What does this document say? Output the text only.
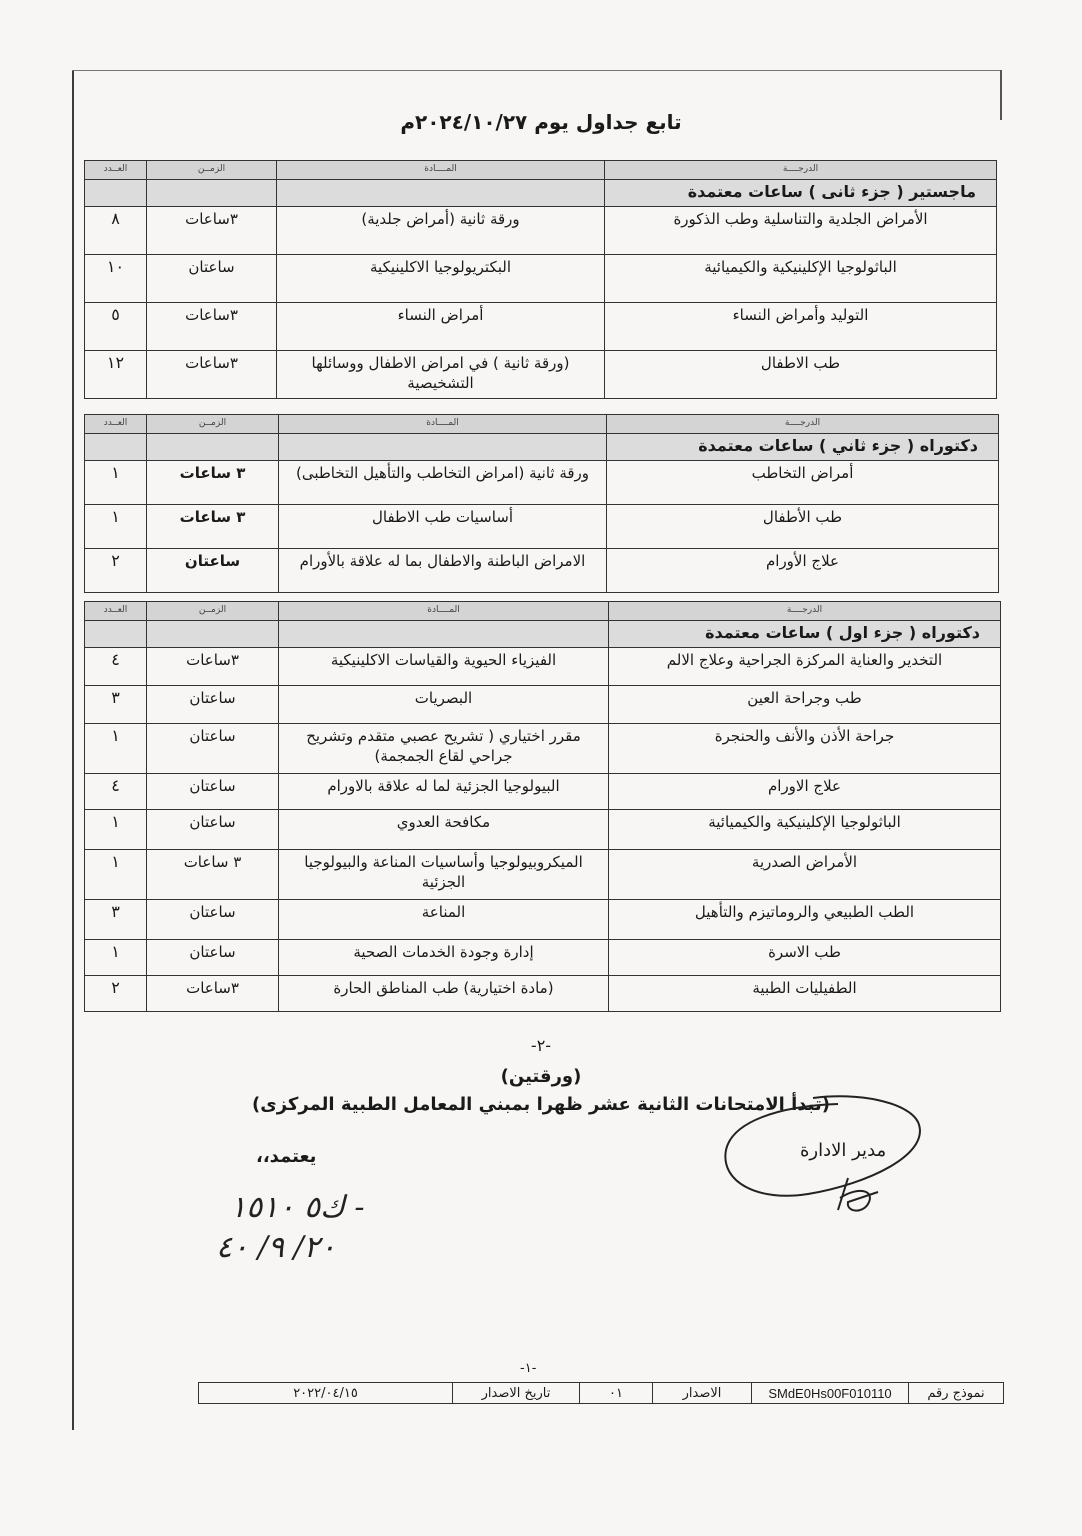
تابع جداول يوم ٢٠٢٤/١٠/٢٧م
الدرجــــة	المــــادة	الزمــن	العــدد
ماجستير ( جزء ثانى ) ساعات معتمدة			
الأمراض الجلدية والتناسلية وطب الذكورة	ورقة ثانية (أمراض جلدية)	٣ساعات	٨
الباثولوجيا الإكلينيكية والكيميائية	البكتريولوجيا الاكلينيكية	ساعتان	١٠
التوليد وأمراض النساء	أمراض النساء	٣ساعات	٥
طب الاطفال	(ورقة ثانية ) في امراض الاطفال ووسائلها التشخيصية	٣ساعات	١٢
الدرجــــة	المــــادة	الزمــن	العــدد
دكتوراه ( جزء ثاني ) ساعات معتمدة			
أمراض التخاطب	ورقة ثانية (امراض التخاطب والتأهيل التخاطبى)	٣ ساعات	١
طب الأطفال	أساسيات طب الاطفال	٣ ساعات	١
علاج الأورام	الامراض الباطنة والاطفال بما له علاقة بالأورام	ساعتان	٢
الدرجــــة	المــــادة	الزمــن	العــدد
دكتوراه ( جزء اول ) ساعات معتمدة			
التخدير والعناية المركزة الجراحية وعلاج الالم	الفيزياء الحيوية والقياسات الاكلينيكية	٣ساعات	٤
طب وجراحة العين	البصريات	ساعتان	٣
جراحة الأذن والأنف والحنجرة	مقرر اختياري ( تشريح عصبي متقدم وتشريح جراحي لقاع الجمجمة)	ساعتان	١
علاج الاورام	البيولوجيا الجزئية لما له علاقة بالاورام	ساعتان	٤
الباثولوجيا الإكلينيكية والكيميائية	مكافحة العدوي	ساعتان	١
الأمراض الصدرية	الميكروبيولوجيا وأساسيات المناعة والبيولوجيا الجزئية	٣ ساعات	١
الطب الطبيعي والروماتيزم والتأهيل	المناعة	ساعتان	٣
طب الاسرة	إدارة وجودة الخدمات الصحية	ساعتان	١
الطفيليات الطبية	(مادة اختيارية) طب المناطق الحارة	٣ساعات	٢
-٢-
(ورقتين)
(تبدأ الامتحانات الثانية عشر ظهرا بمبني المعامل الطبية المركزى)
مدير الادارة
يعتمد،،
ك٥ ١٥١٠ -
٢٠/ ٩/ ٤٠
-١-
نموذج رقم	SMdE0Hs00F010110	الاصدار	٠١	تاريخ الاصدار	٢٠٢٢/٠٤/١٥
